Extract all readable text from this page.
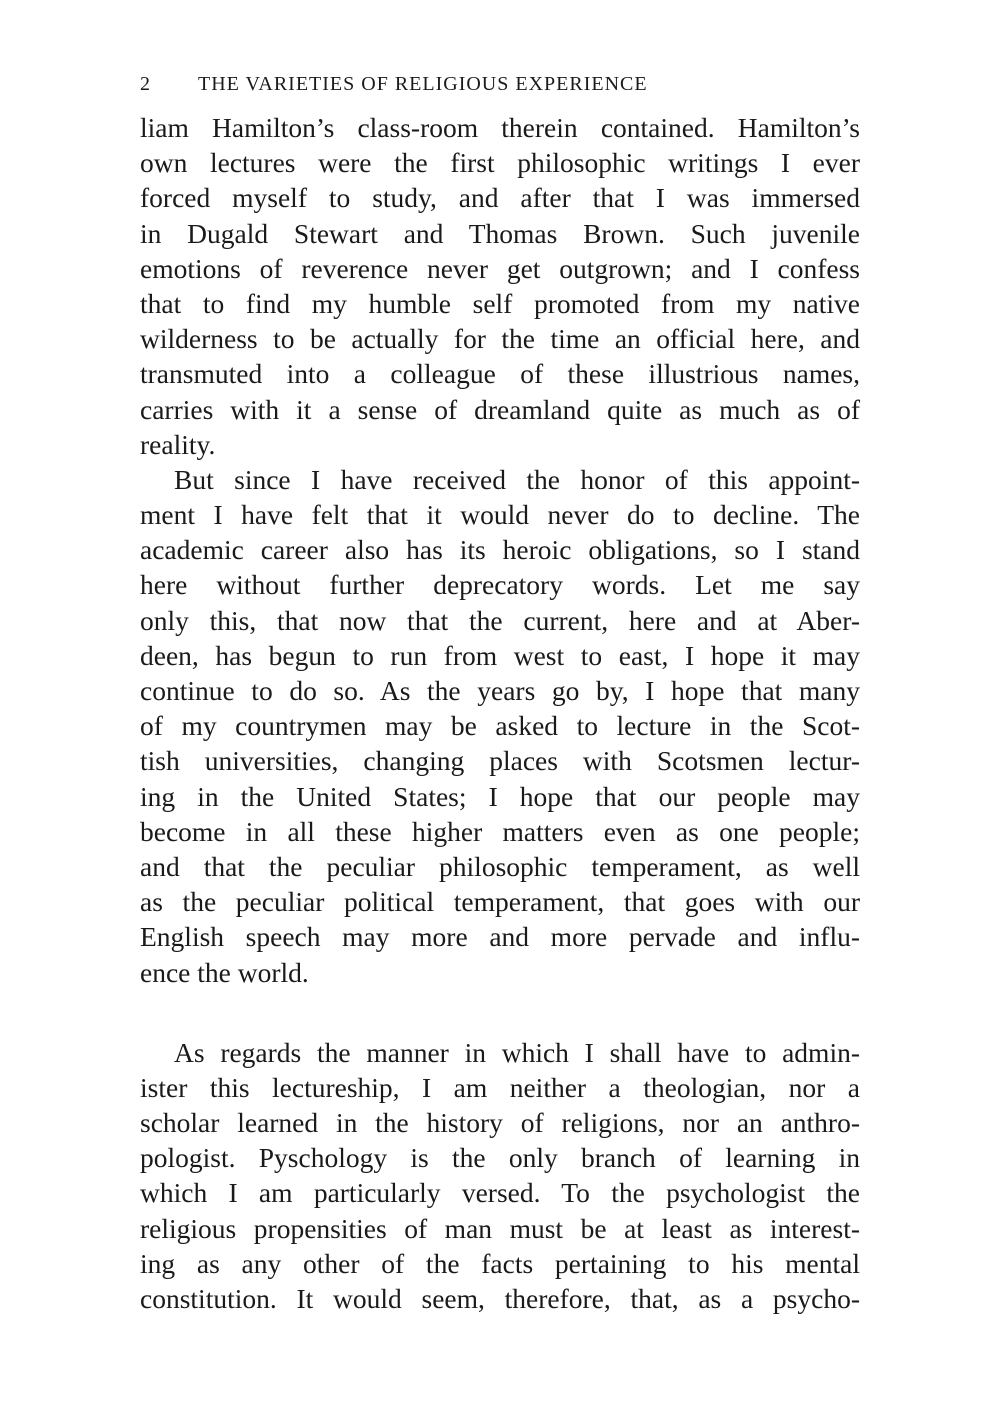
2 THE VARIETIES OF RELIGIOUS EXPERIENCE
liam Hamilton’s class-room therein contained. Hamilton’s
own lectures were the first philosophic writings I ever
forced myself to study, and after that I was immersed
in Dugald Stewart and Thomas Brown. Such juvenile
emotions of reverence never get outgrown; and I confess
that to find my humble self promoted from my native
wilderness to be actually for the time an official here, and
transmuted into a colleague of these illustrious names,
carries with it a sense of dreamland quite as much as of
reality.
But since I have received the honor of this appoint-
ment I have felt that it would never do to decline. The
academic career also has its heroic obligations, so I stand
here without further deprecatory words. Let me say
only this, that now that the current, here and at Aber-
deen, has begun to run from west to east, I hope it may
continue to do so. As the years go by, I hope that many
of my countrymen may be asked to lecture in the Scot-
tish universities, changing places with Scotsmen lectur-
ing in the United States; I hope that our people may
become in all these higher matters even as one people;
and that the peculiar philosophic temperament, as well
as the peculiar political temperament, that goes with our
English speech may more and more pervade and influ-
ence the world.
As regards the manner in which I shall have to admin-
ister this lectureship, I am neither a theologian, nor a
scholar learned in the history of religions, nor an anthro-
pologist. Pyschology is the only branch of learning in
which I am particularly versed. To the psychologist the
religious propensities of man must be at least as interest-
ing as any other of the facts pertaining to his mental
constitution. It would seem, therefore, that, as a psycho-
